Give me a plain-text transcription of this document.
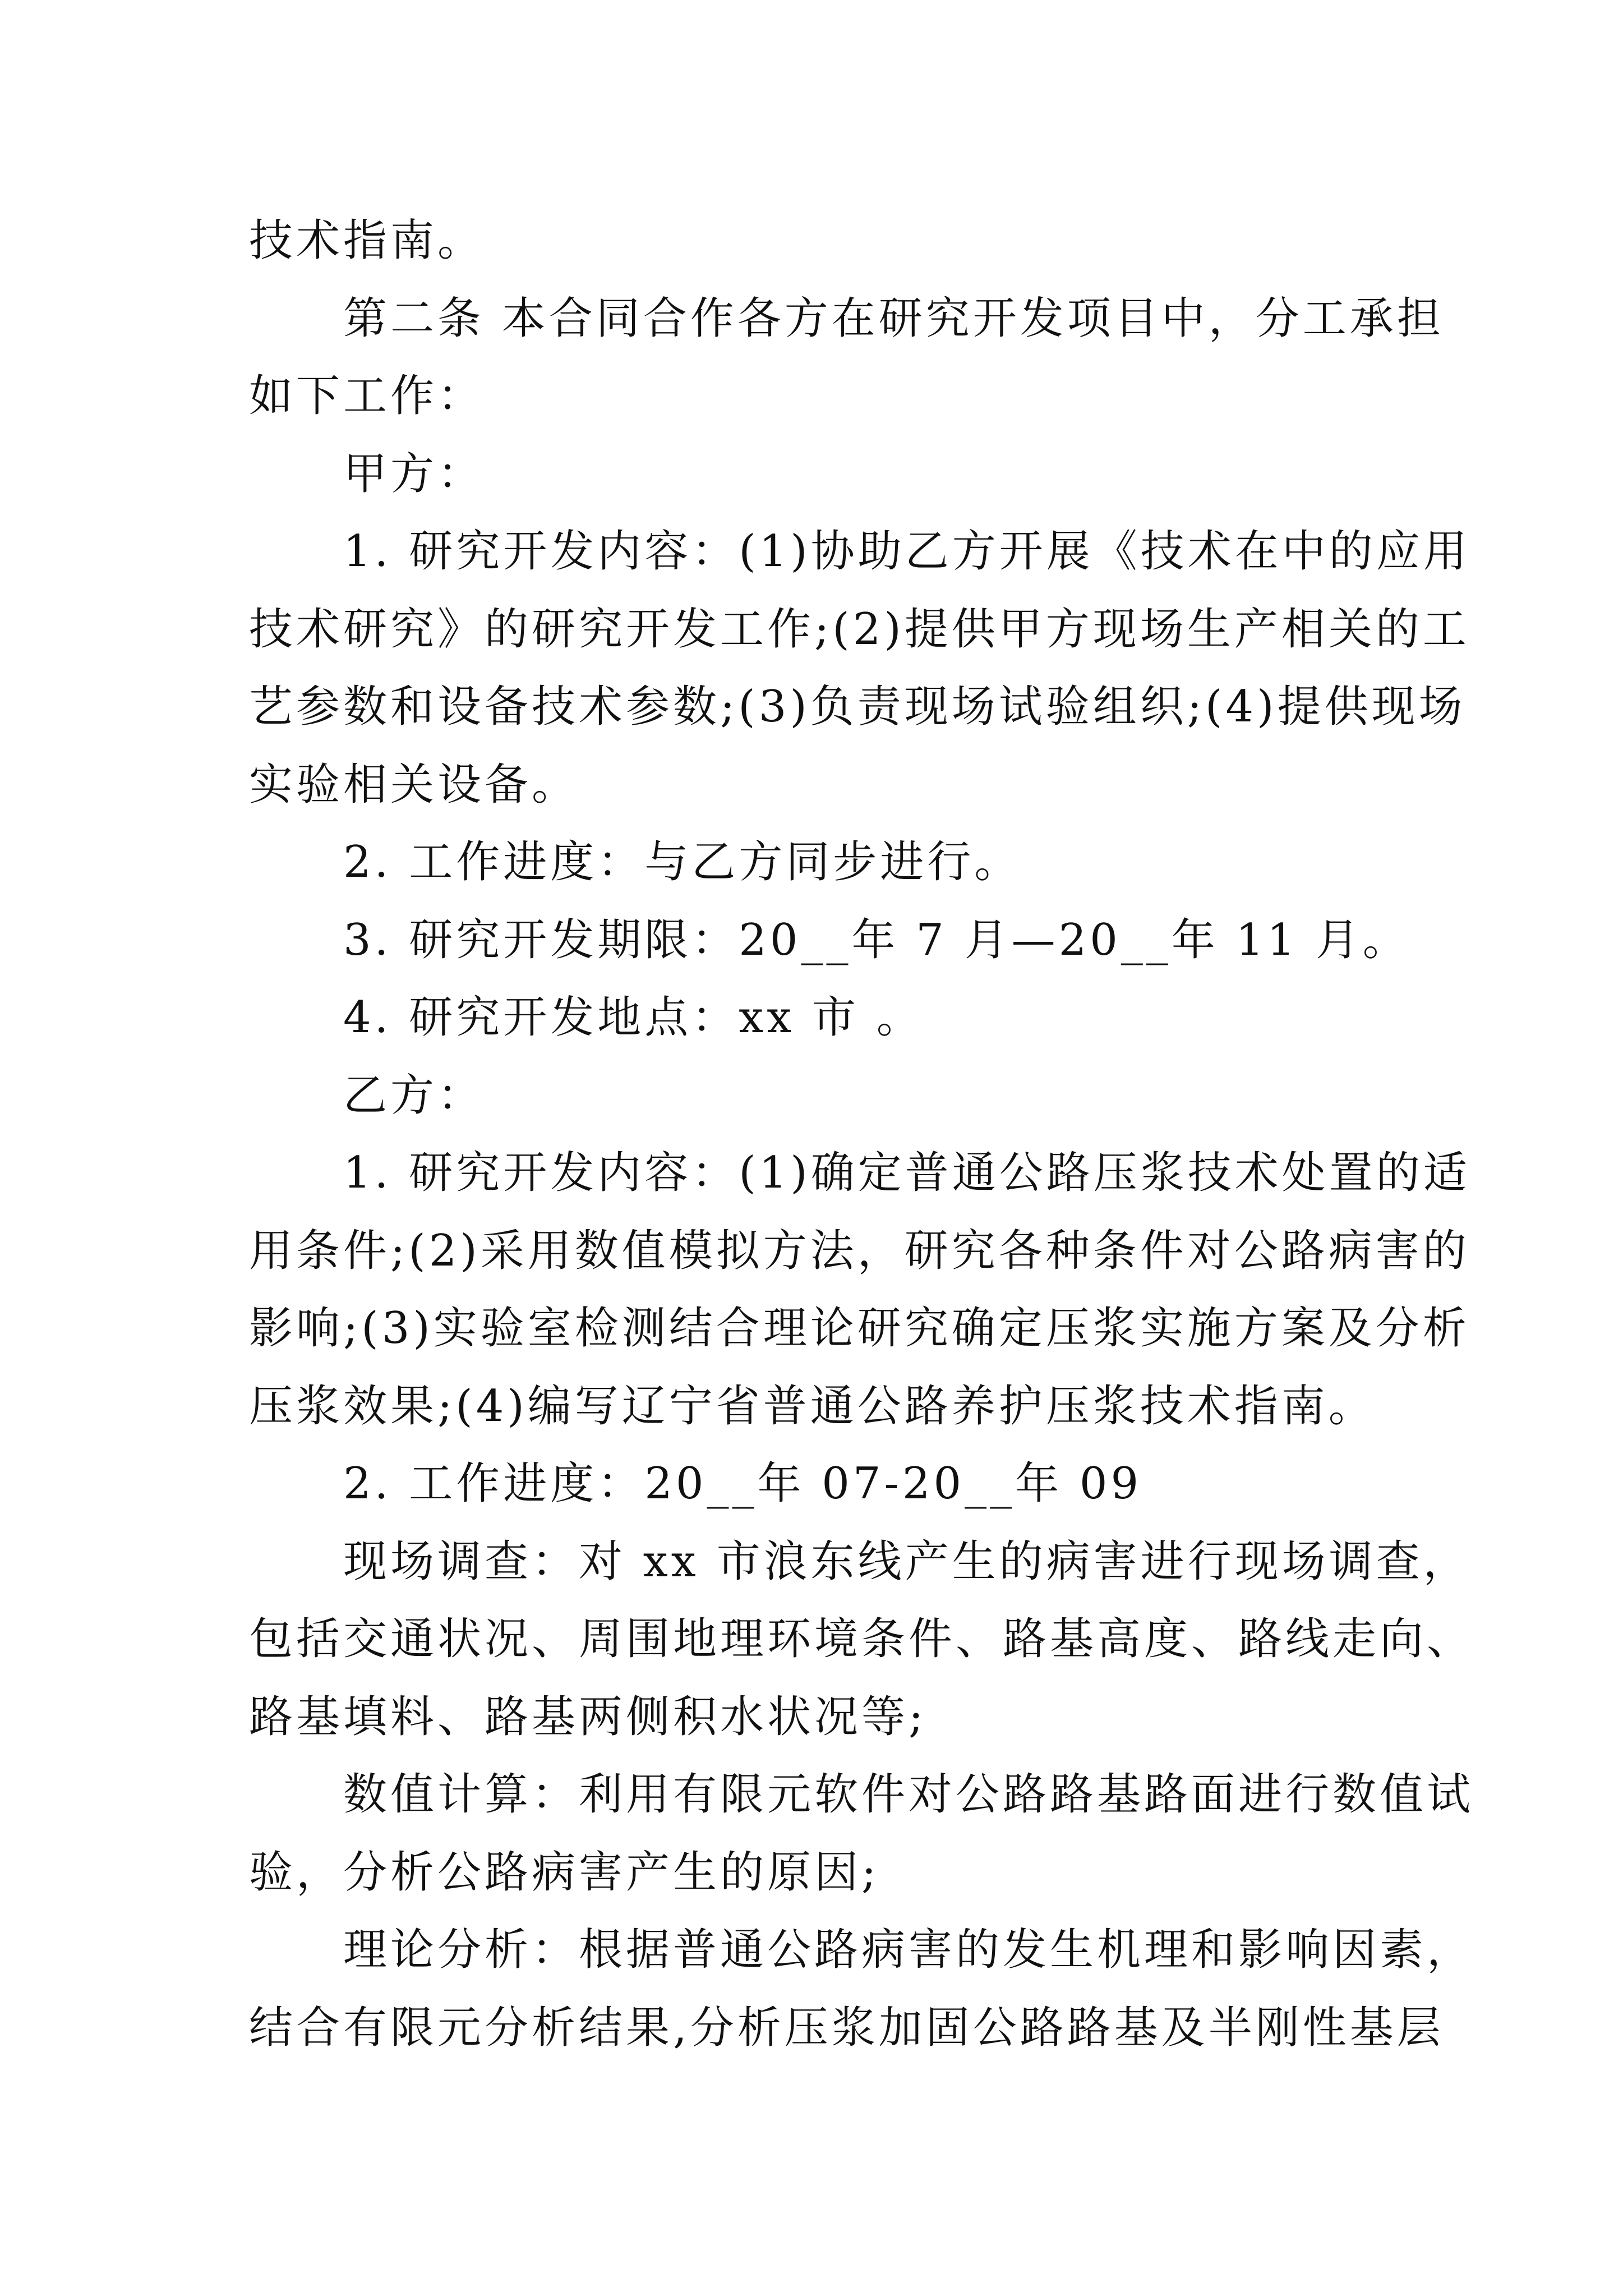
技术指南。
第二条 本合同合作各方在研究开发项目中，分工承担
如下工作：
甲方：
1. 研究开发内容：(1)协助乙方开展《技术在中的应用
技术研究》的研究开发工作;(2)提供甲方现场生产相关的工
艺参数和设备技术参数;(3)负责现场试验组织;(4)提供现场
实验相关设备。
2. 工作进度：与乙方同步进行。
3. 研究开发期限：20__年 7 月—20__年 11 月。
4. 研究开发地点：xx 市 。
乙方：
1. 研究开发内容：(1)确定普通公路压浆技术处置的适
用条件;(2)采用数值模拟方法，研究各种条件对公路病害的
影响;(3)实验室检测结合理论研究确定压浆实施方案及分析
压浆效果;(4)编写辽宁省普通公路养护压浆技术指南。
2. 工作进度：20__年 07-20__年 09
现场调查：对 xx 市浪东线产生的病害进行现场调查，
包括交通状况、周围地理环境条件、路基高度、路线走向、
路基填料、路基两侧积水状况等;
数值计算：利用有限元软件对公路路基路面进行数值试
验，分析公路病害产生的原因;
理论分析：根据普通公路病害的发生机理和影响因素，
结合有限元分析结果,分析压浆加固公路路基及半刚性基层
